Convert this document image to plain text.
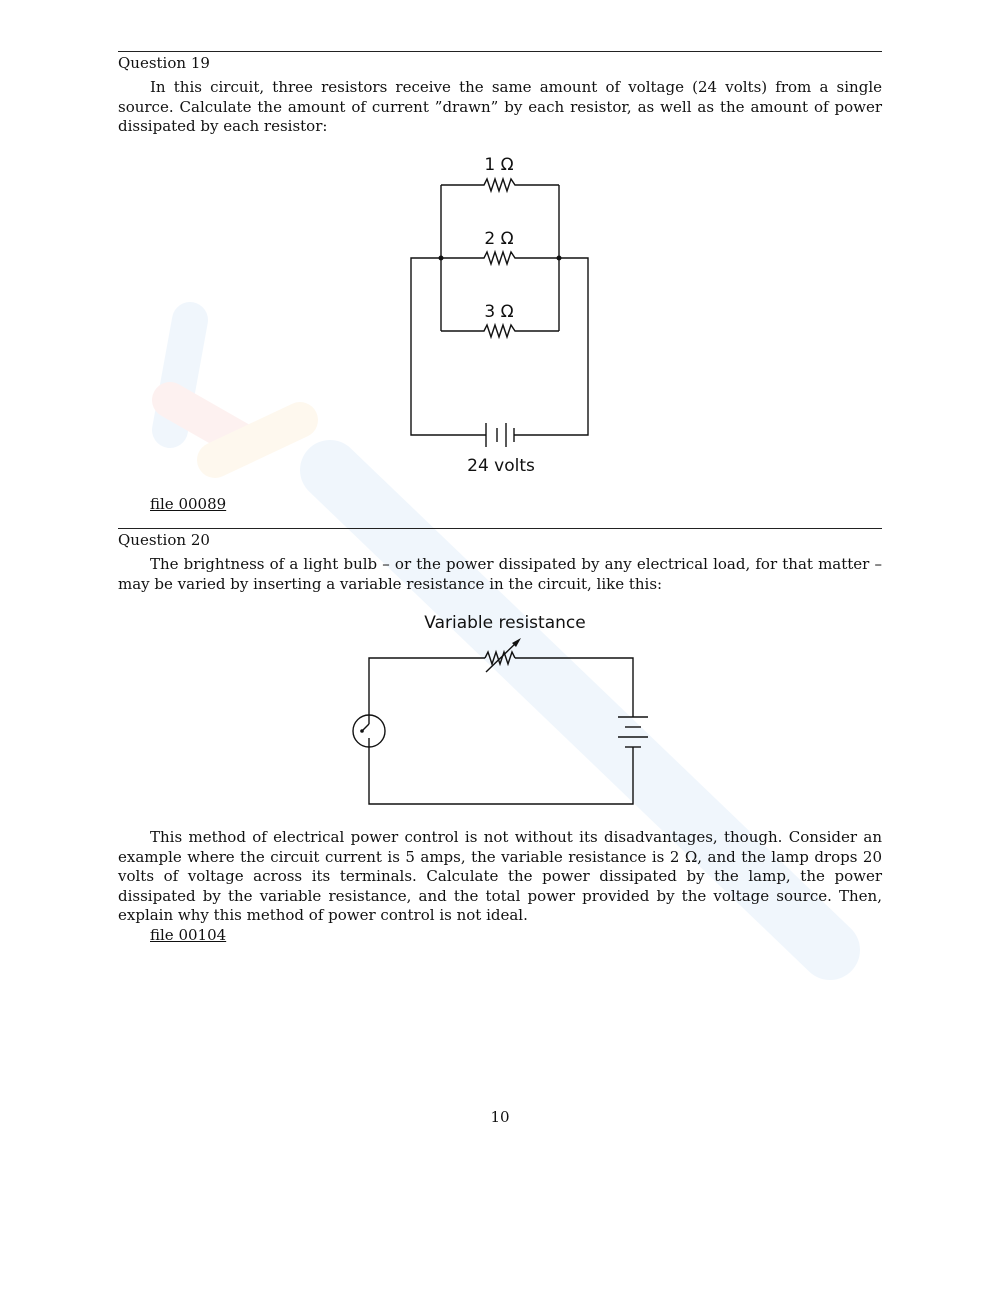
Question 19

In this circuit, three resistors receive the same amount of voltage (24 volts) from a single source. Calculate the amount of current ”drawn” by each resistor, as well as the amount of power dissipated by each resistor:

1 Ω
2 Ω
3 Ω
24 volts
file 00089
Question 20

The brightness of a light bulb – or the power dissipated by any electrical load, for that matter – may be varied by inserting a variable resistance in the circuit, like this:

Variable resistance

This method of electrical power control is not without its disadvantages, though. Consider an example where the circuit current is 5 amps, the variable resistance is 2 Ω, and the lamp drops 20 volts of voltage across its terminals. Calculate the power dissipated by the lamp, the power dissipated by the variable resistance, and the total power provided by the voltage source. Then, explain why this method of power control is not ideal.

file 00104
10
